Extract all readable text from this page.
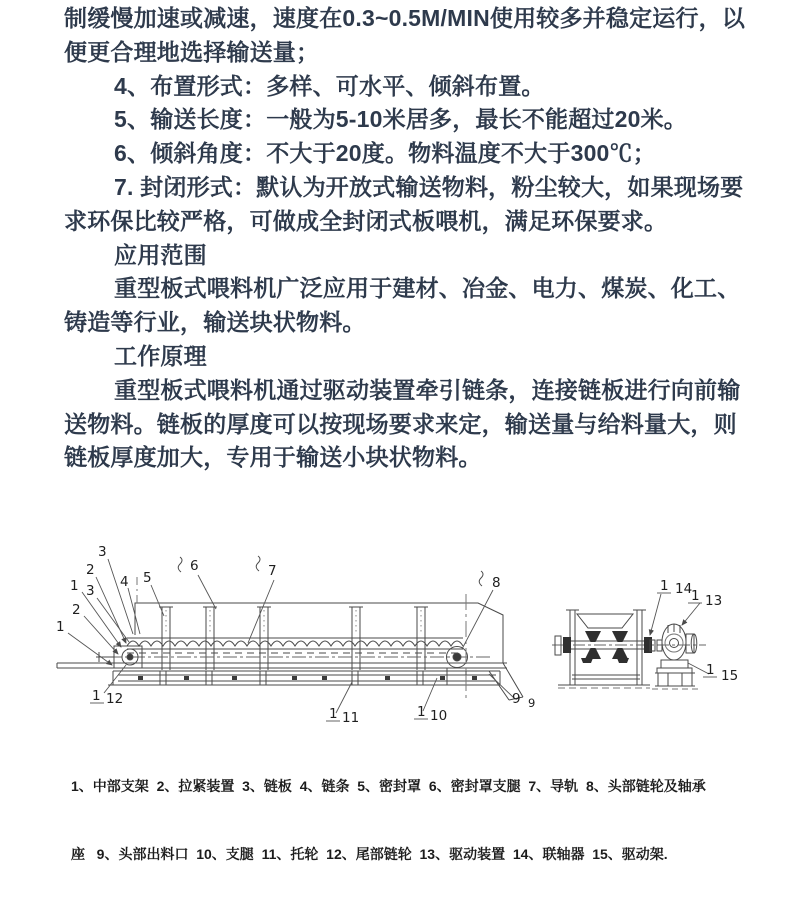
制缓慢加速或减速，速度在0.3~0.5M/MIN使用较多并稳定运行，以
便更合理地选择输送量；
4、布置形式：多样、可水平、倾斜布置。
5、输送长度：一般为5-10米居多，最长不能超过20米。
6、倾斜角度：不大于20度。物料温度不大于300℃；
7. 封闭形式：默认为开放式输送物料，粉尘较大，如果现场要
求环保比较严格，可做成全封闭式板喂机，满足环保要求。
应用范围
重型板式喂料机广泛应用于建材、冶金、电力、煤炭、化工、
铸造等行业，输送块状物料。
工作原理
重型板式喂料机通过驱动装置牵引链条，连接链板进行向前输
送物料。链板的厚度可以按现场要求来定，输送量与给料量大，则
链板厚度加大，专用于输送小块状物料。
3
2
1 3
2
1
4 5
6	7
8
1 12
1 11	1 10
9 9
1 14
1 13
1 15

1、中部支架  2、拉紧装置  3、链板  4、链条  5、密封罩  6、密封罩支腿  7、导轨  8、头部链轮及轴承

座   9、头部出料口  10、支腿  11、托轮  12、尾部链轮  13、驱动装置  14、联轴器  15、驱动架.
